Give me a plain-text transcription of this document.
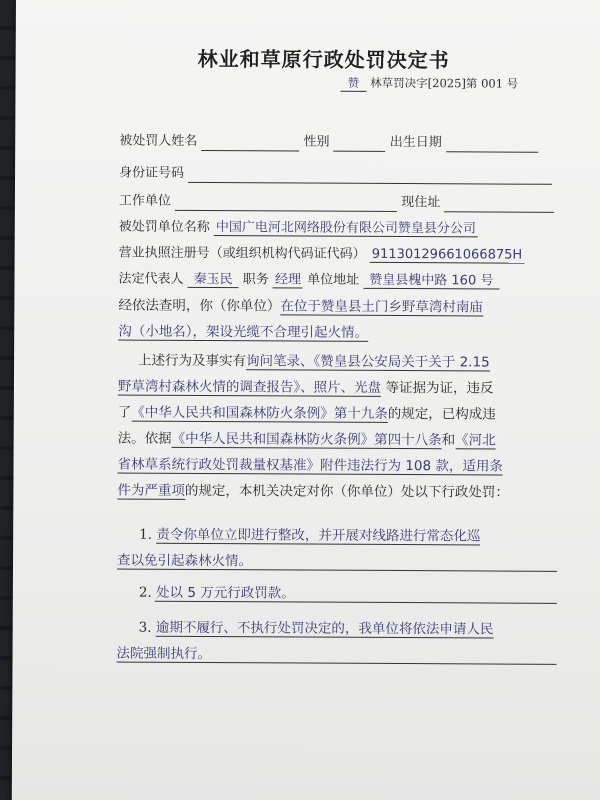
林业和草原行政处罚决定书
赞 林草罚决字[2025]第 001 号
被处罚人姓名	性别	出生日期
身份证号码
工作单位	现住址
被处罚单位名称 中国广电河北网络股份有限公司赞皇县分公司
营业执照注册号（或组织机构代码证代码） 91130129661066875H
法定代表人 秦玉民 职务 经理 单位地址 赞皇县槐中路 160 号
经依法查明，你（你单位）在位于赞皇县土门乡野草湾村南庙
沟（小地名），架设光缆不合理引起火情。
上述行为及事实有询问笔录、《赞皇县公安局关于关于 2.15
野草湾村森林火情的调查报告》、照片、光盘 等证据为证，违反
了《中华人民共和国森林防火条例》第十九条的规定，已构成违
法。依据《中华人民共和国森林防火条例》第四十八条和《河北
省林草系统行政处罚裁量权基准》附件违法行为 108 款，适用条
件为严重项的规定，本机关决定对你（你单位）处以下行政处罚：
1. 责令你单位立即进行整改，并开展对线路进行常态化巡
查以免引起森林火情。
2. 处以 5 万元行政罚款。
3. 逾期不履行、不执行处罚决定的，我单位将依法申请人民
法院强制执行。
